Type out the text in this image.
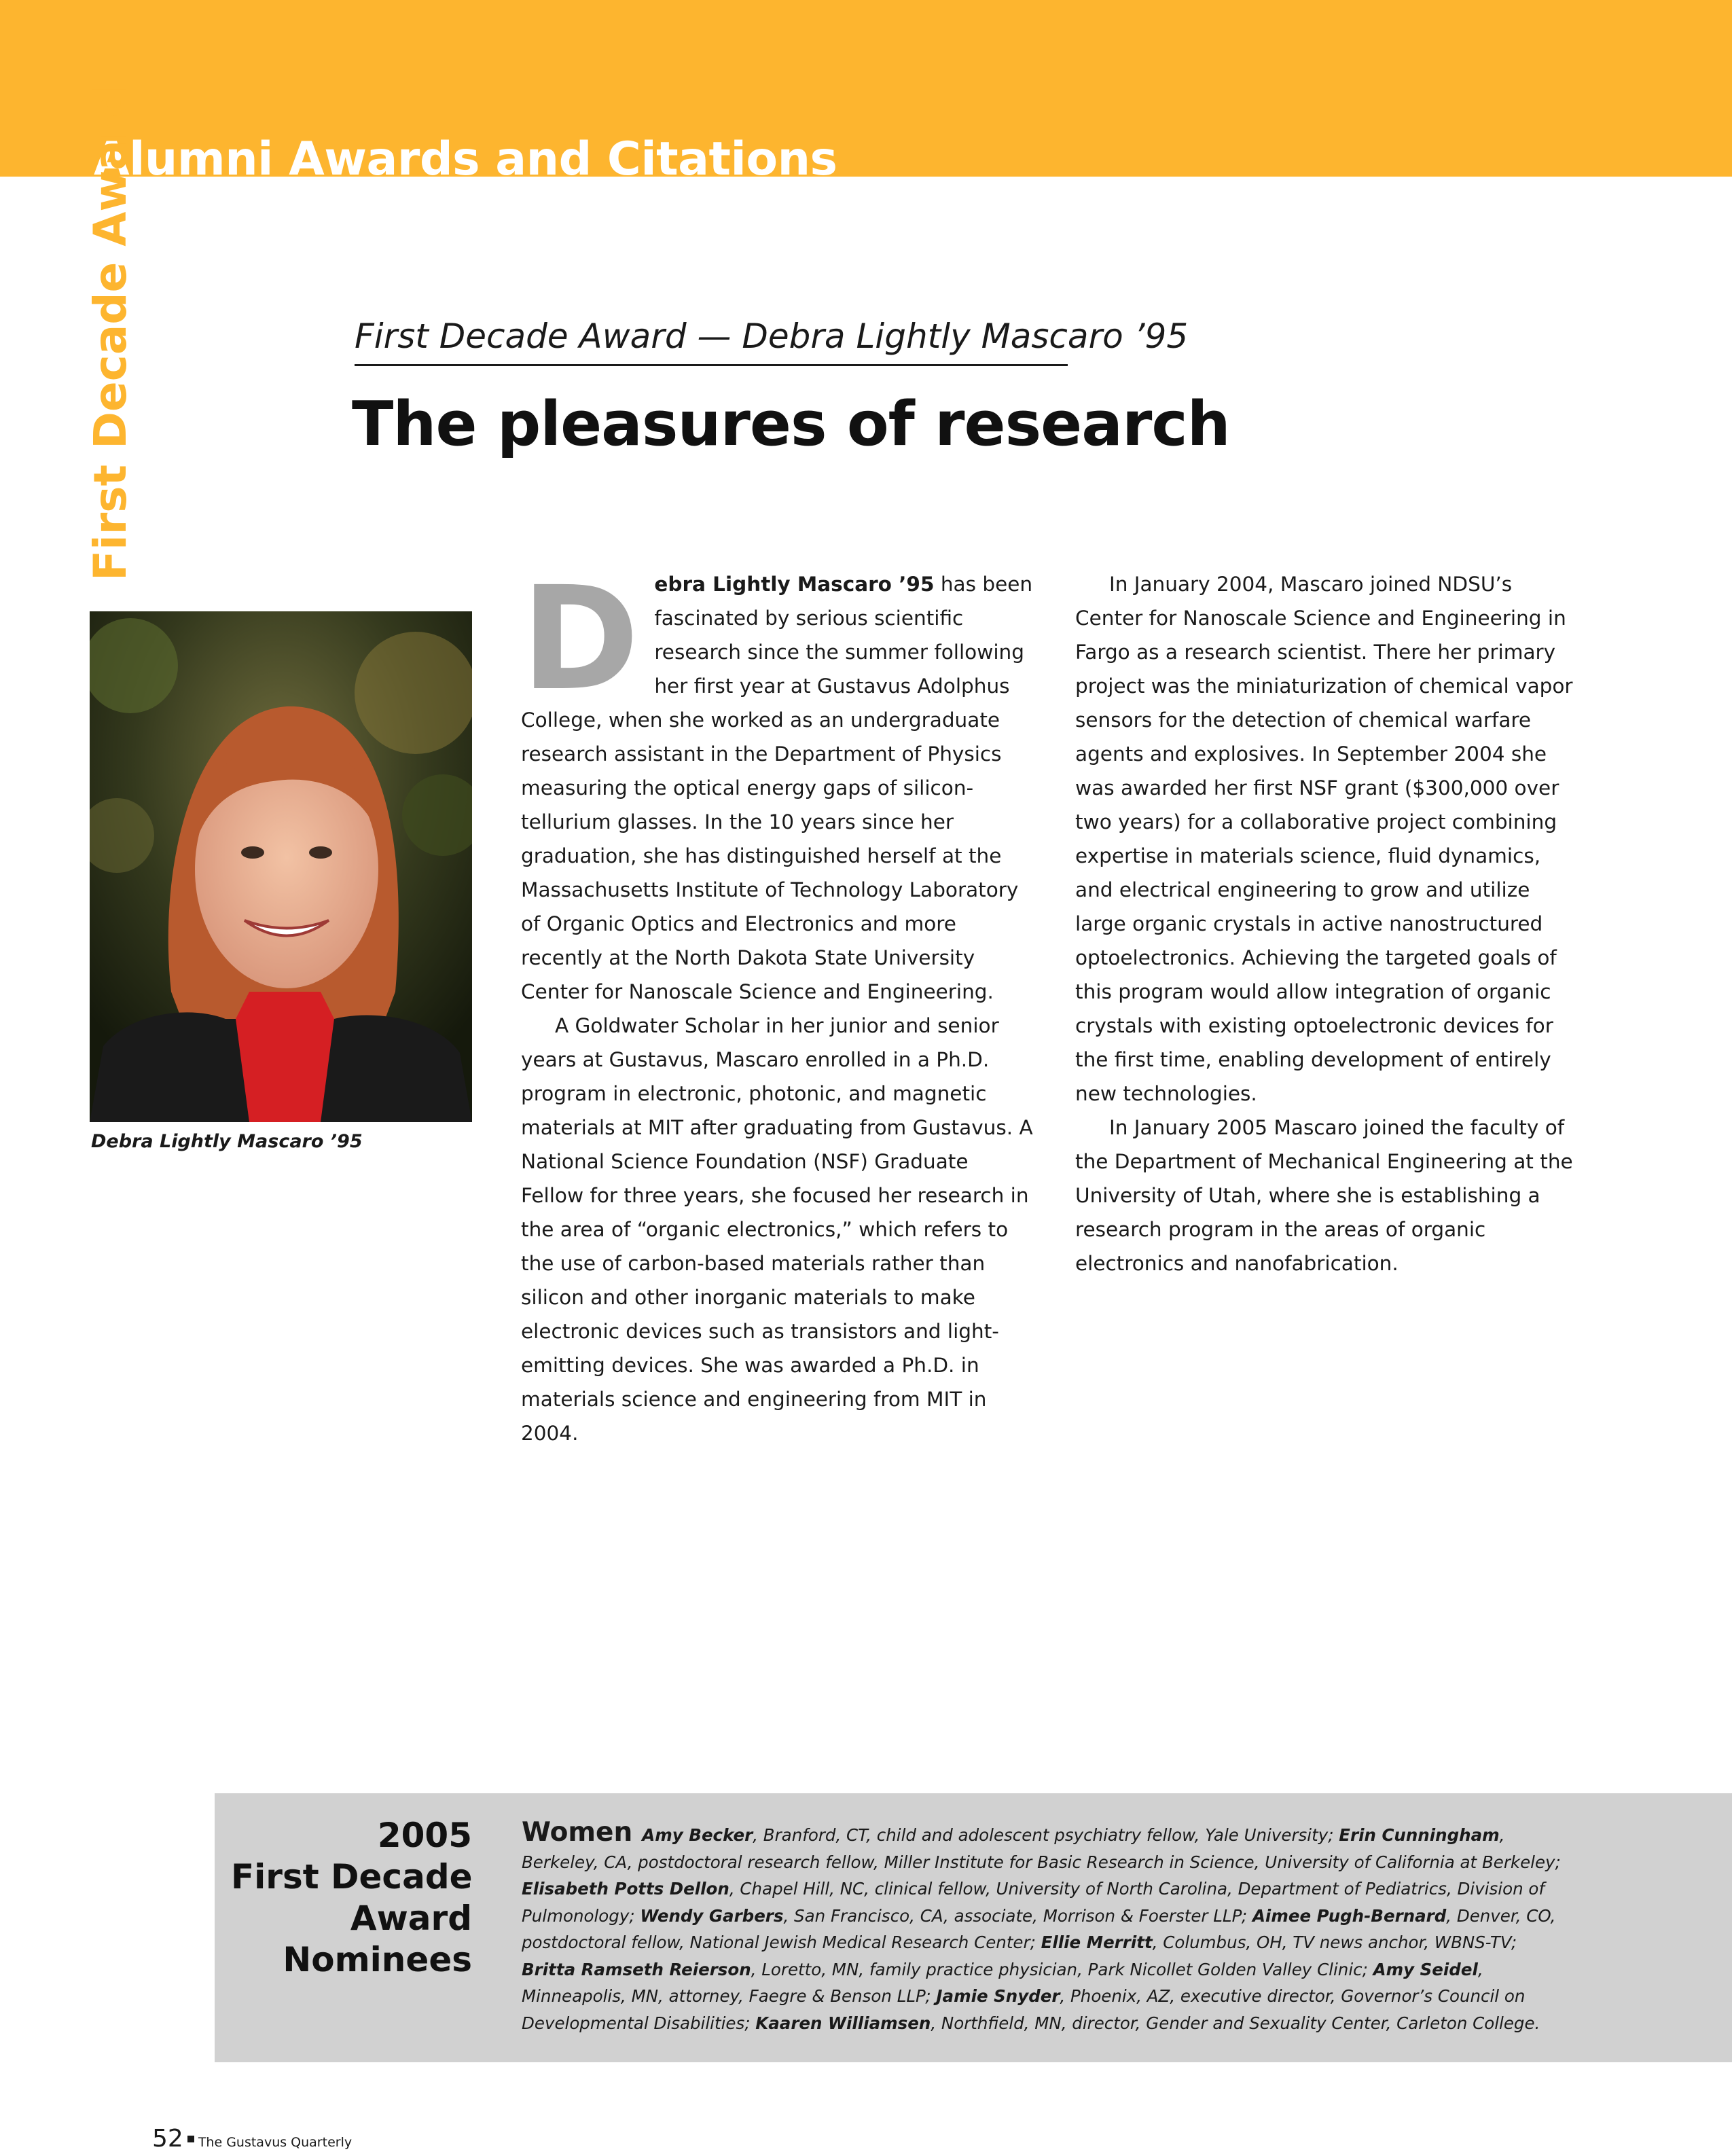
Alumni Awards and Citations
First Decade Award	First Decade Award — Debra Lightly Mascaro ’95
The pleasures of research
Debra Lightly Mascaro ’95

Debra Lightly Mascaro ’95 has been fascinated by serious scientific research since the summer following her first year at Gustavus Adolphus College, when she worked as an undergraduate research assistant in the Department of Physics measuring the optical energy gaps of silicon-tellurium glasses. In the 10 years since her graduation, she has distinguished herself at the Massachusetts Institute of Technology Laboratory of Organic Optics and Electronics and more recently at the North Dakota State University Center for Nanoscale Science and Engineering.

A Goldwater Scholar in her junior and senior years at Gustavus, Mascaro enrolled in a Ph.D. program in electronic, photonic, and magnetic materials at MIT after graduating from Gustavus. A National Science Foundation (NSF) Graduate Fellow for three years, she focused her research in the area of “organic electronics,” which refers to the use of carbon-based materials rather than silicon and other inorganic materials to make electronic devices such as transistors and light-emitting devices. She was awarded a Ph.D. in materials science and engineering from MIT in 2004.

In January 2004, Mascaro joined NDSU’s Center for Nanoscale Science and Engineering in Fargo as a research scientist. There her primary project was the miniaturization of chemical vapor sensors for the detection of chemical warfare agents and explosives. In September 2004 she was awarded her first NSF grant ($300,000 over two years) for a collaborative project combining expertise in materials science, fluid dynamics, and electrical engineering to grow and utilize large organic crystals in active nanostructured optoelectronics. Achieving the targeted goals of this program would allow integration of organic crystals with existing optoelectronic devices for the first time, enabling development of entirely new technologies.

In January 2005 Mascaro joined the faculty of the Department of Mechanical Engineering at the University of Utah, where she is establishing a research program in the areas of organic electronics and nanofabrication.

2005
First Decade
Award
Nominees
Women Amy Becker, Branford, CT, child and adolescent psychiatry fellow, Yale University; Erin Cunningham, Berkeley, CA, postdoctoral research fellow, Miller Institute for Basic Research in Science, University of California at Berkeley; Elisabeth Potts Dellon, Chapel Hill, NC, clinical fellow, University of North Carolina, Department of Pediatrics, Division of Pulmonology; Wendy Garbers, San Francisco, CA, associate, Morrison & Foerster LLP; Aimee Pugh-Bernard, Denver, CO, postdoctoral fellow, National Jewish Medical Research Center; Ellie Merritt, Columbus, OH, TV news anchor, WBNS-TV; Britta Ramseth Reierson, Loretto, MN, family practice physician, Park Nicollet Golden Valley Clinic; Amy Seidel, Minneapolis, MN, attorney, Faegre & Benson LLP; Jamie Snyder, Phoenix, AZ, executive director, Governor’s Council on Developmental Disabilities; Kaaren Williamsen, Northfield, MN, director, Gender and Sexuality Center, Carleton College.
52 The Gustavus Quarterly
